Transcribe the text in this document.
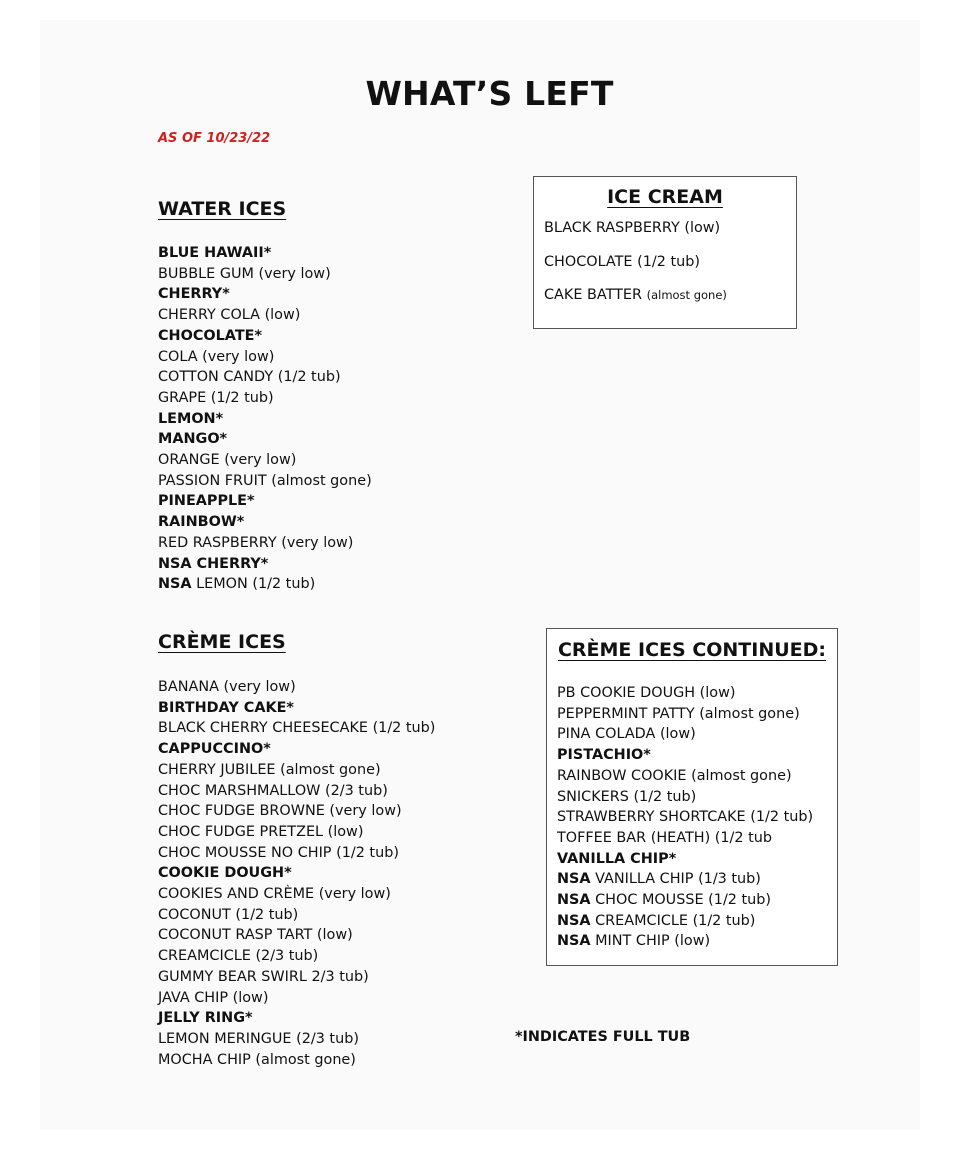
WHAT’S LEFT
AS OF 10/23/22
WATER ICES
BLUE HAWAII*
BUBBLE GUM (very low)
CHERRY*
CHERRY COLA (low)
CHOCOLATE*
COLA (very low)
COTTON CANDY (1/2 tub)
GRAPE (1/2 tub)
LEMON*
MANGO*
ORANGE (very low)
PASSION FRUIT (almost gone)
PINEAPPLE*
RAINBOW*
RED RASPBERRY (very low)
NSA CHERRY*
NSA LEMON (1/2 tub)
ICE CREAM
BLACK RASPBERRY (low)
CHOCOLATE (1/2 tub)
CAKE BATTER (almost gone)
CRÈME ICES
BANANA (very low)
BIRTHDAY CAKE*
BLACK CHERRY CHEESECAKE (1/2 tub)
CAPPUCCINO*
CHERRY JUBILEE (almost gone)
CHOC MARSHMALLOW (2/3 tub)
CHOC FUDGE BROWNE (very low)
CHOC FUDGE PRETZEL (low)
CHOC MOUSSE NO CHIP (1/2 tub)
COOKIE DOUGH*
COOKIES AND CRÈME (very low)
COCONUT (1/2 tub)
COCONUT RASP TART (low)
CREAMCICLE (2/3 tub)
GUMMY BEAR SWIRL 2/3 tub)
JAVA CHIP (low)
JELLY RING*
LEMON MERINGUE (2/3 tub)
MOCHA CHIP (almost gone)
CRÈME ICES CONTINUED:
PB COOKIE DOUGH (low)
PEPPERMINT PATTY (almost gone)
PINA COLADA (low)
PISTACHIO*
RAINBOW COOKIE (almost gone)
SNICKERS (1/2 tub)
STRAWBERRY SHORTCAKE (1/2 tub)
TOFFEE BAR (HEATH) (1/2 tub
VANILLA CHIP*
NSA VANILLA CHIP (1/3 tub)
NSA CHOC MOUSSE (1/2 tub)
NSA CREAMCICLE (1/2 tub)
NSA MINT CHIP (low)
*INDICATES FULL TUB
